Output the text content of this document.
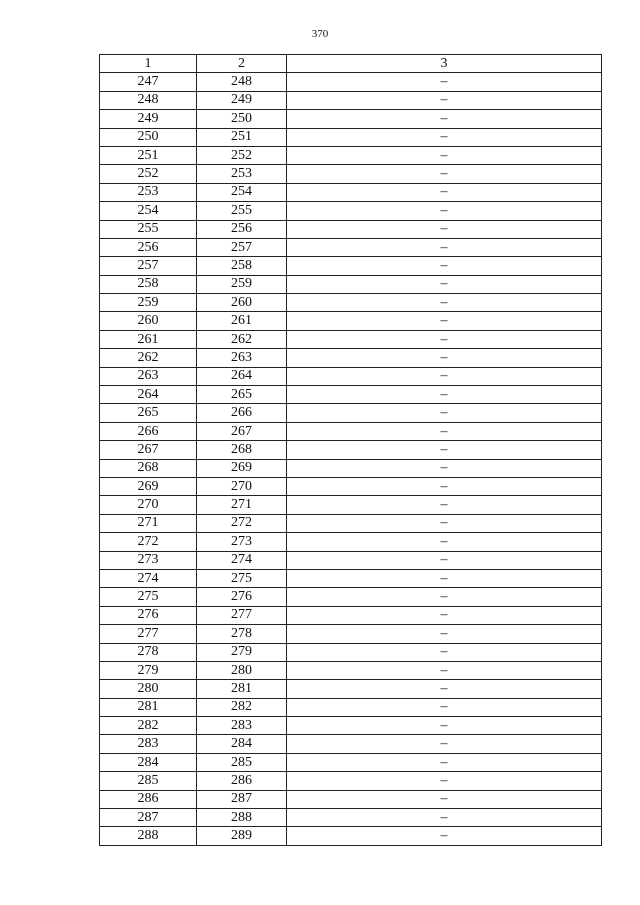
370
1	2	3
247	248	–
248	249	–
249	250	–
250	251	–
251	252	–
252	253	–
253	254	–
254	255	–
255	256	–
256	257	–
257	258	–
258	259	–
259	260	–
260	261	–
261	262	–
262	263	–
263	264	–
264	265	–
265	266	–
266	267	–
267	268	–
268	269	–
269	270	–
270	271	–
271	272	–
272	273	–
273	274	–
274	275	–
275	276	–
276	277	–
277	278	–
278	279	–
279	280	–
280	281	–
281	282	–
282	283	–
283	284	–
284	285	–
285	286	–
286	287	–
287	288	–
288	289	–
